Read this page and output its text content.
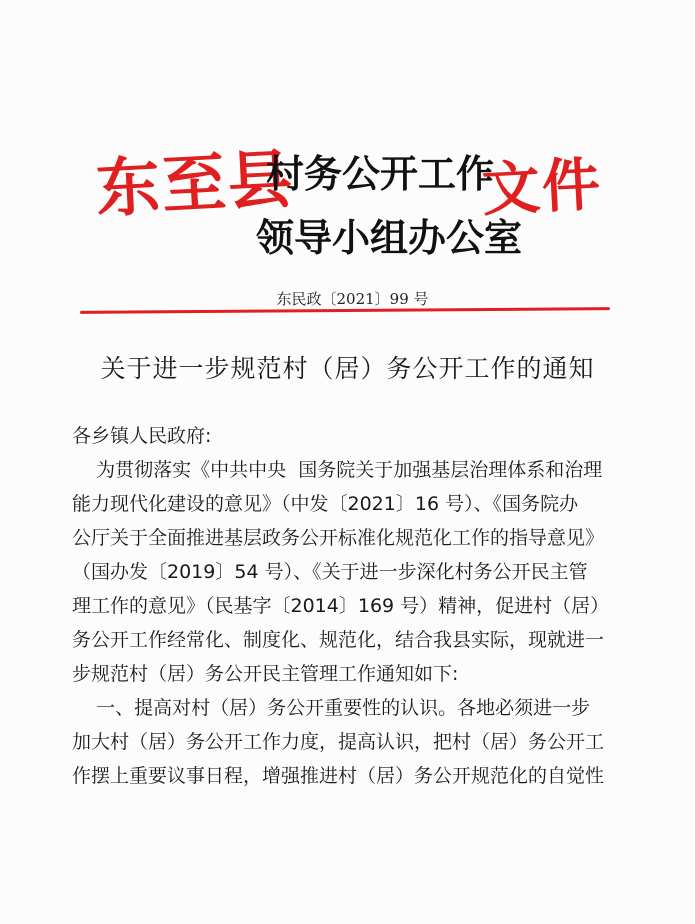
东至县
村务公开工作
领导小组办公室
文件
东民政〔2021〕99 号
关于进一步规范村（居）务公开工作的通知
各乡镇人民政府:
为贯彻落实《中共中央  国务院关于加强基层治理体系和治理
能力现代化建设的意见》（中发〔2021〕16 号）、《国务院办
公厅关于全面推进基层政务公开标准化规范化工作的指导意见》
（国办发〔2019〕54 号）、《关于进一步深化村务公开民主管
理工作的意见》（民基字〔2014〕169 号）精神，促进村（居）
务公开工作经常化、制度化、规范化，结合我县实际，现就进一
步规范村（居）务公开民主管理工作通知如下:
一、提高对村（居）务公开重要性的认识。各地必须进一步
加大村（居）务公开工作力度，提高认识，把村（居）务公开工
作摆上重要议事日程，增强推进村（居）务公开规范化的自觉性
